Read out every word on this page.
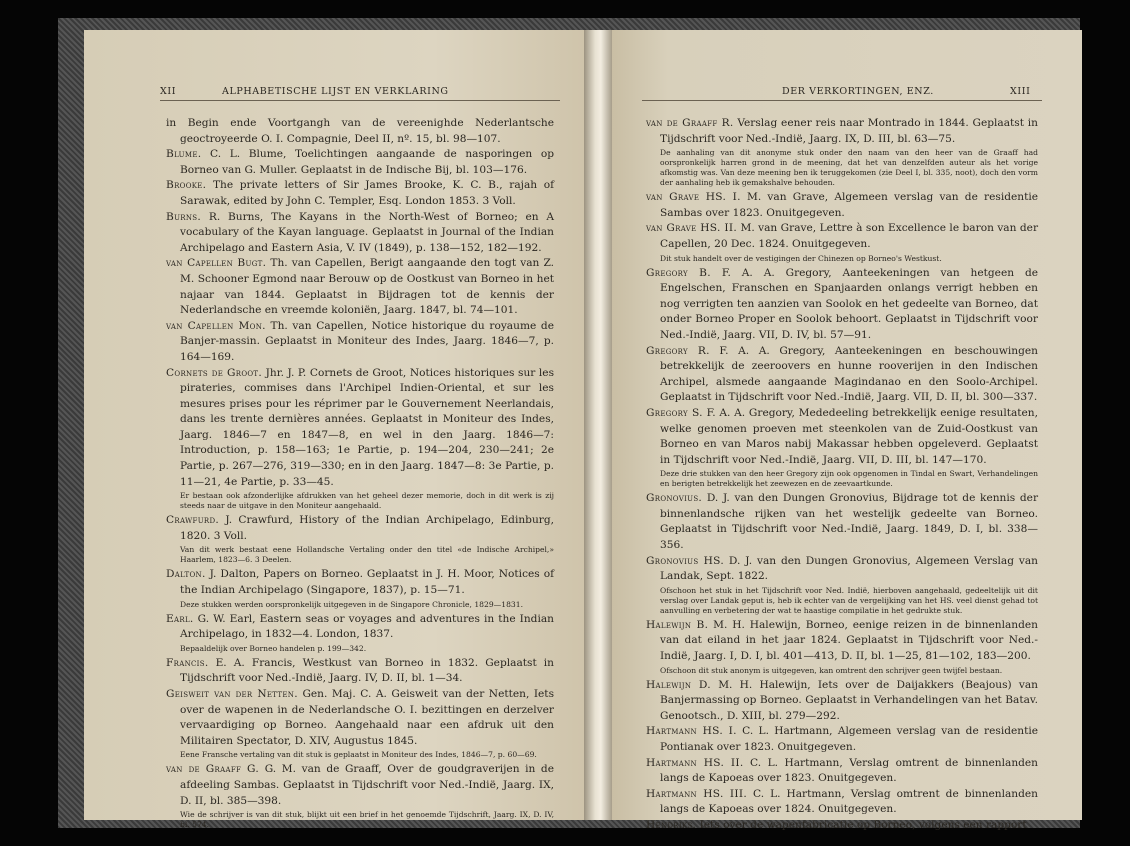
XII	ALPHABETISCHE LIJST EN VERKLARING

in Begin ende Voortgangh van de vereenighde Nederlantsche geoctroyeerde O. I. Compagnie, Deel II, nº. 15, bl. 98—107.

Blume. C. L. Blume, Toelichtingen aangaande de nasporingen op Borneo van G. Muller. Geplaatst in de Indische Bij, bl. 103—176.

Brooke. The private letters of Sir James Brooke, K. C. B., rajah of Sarawak, edited by John C. Templer, Esq. London 1853. 3 Voll.

Burns. R. Burns, The Kayans in the North-West of Borneo; en A vocabulary of the Kayan language. Geplaatst in Journal of the Indian Archipelago and Eastern Asia, V. IV (1849), p. 138—152, 182—192.

van Capellen Bugt. Th. van Capellen, Berigt aangaande den togt van Z. M. Schooner Egmond naar Berouw op de Oostkust van Borneo in het najaar van 1844. Geplaatst in Bijdragen tot de kennis der Nederlandsche en vreemde koloniën, Jaarg. 1847, bl. 74—101.

van Capellen Mon. Th. van Capellen, Notice historique du royaume de Banjer-massin. Geplaatst in Moniteur des Indes, Jaarg. 1846—7, p. 164—169.

Cornets de Groot. Jhr. J. P. Cornets de Groot, Notices historiques sur les pirateries, commises dans l'Archipel Indien-Oriental, et sur les mesures prises pour les réprimer par le Gouvernement Neerlandais, dans les trente dernières années. Geplaatst in Moniteur des Indes, Jaarg. 1846—7 en 1847—8, en wel in den Jaarg. 1846—7: Introduction, p. 158—163; 1e Partie, p. 194—204, 230—241; 2e Partie, p. 267—276, 319—330; en in den Jaarg. 1847—8: 3e Partie, p. 11—21, 4e Partie, p. 33—45.

Er bestaan ook afzonderlijke afdrukken van het geheel dezer memorie, doch in dit werk is zij steeds naar de uitgave in den Moniteur aangehaald.

Crawfurd. J. Crawfurd, History of the Indian Archipelago, Edinburg, 1820. 3 Voll.

Van dit werk bestaat eene Hollandsche Vertaling onder den titel «de Indische Archipel,» Haarlem, 1823—6. 3 Deelen.

Dalton. J. Dalton, Papers on Borneo. Geplaatst in J. H. Moor, Notices of the Indian Archipelago (Singapore, 1837), p. 15—71.

Deze stukken werden oorspronkelijk uitgegeven in de Singapore Chronicle, 1829—1831.

Earl. G. W. Earl, Eastern seas or voyages and adventures in the Indian Archipelago, in 1832—4. London, 1837.

Bepaaldelijk over Borneo handelen p. 199—342.

Francis. E. A. Francis, Westkust van Borneo in 1832. Geplaatst in Tijdschrift voor Ned.-Indië, Jaarg. IV, D. II, bl. 1—34.

Geisweit van der Netten. Gen. Maj. C. A. Geisweit van der Netten, Iets over de wapenen in de Nederlandsche O. I. bezittingen en derzelver vervaardiging op Borneo. Aangehaald naar een afdruk uit den Militairen Spectator, D. XIV, Augustus 1845.

Eene Fransche vertaling van dit stuk is geplaatst in Moniteur des Indes, 1846—7, p. 60—69.

van de Graaff G. G. M. van de Graaff, Over de goudgraverijen in de afdeeling Sambas. Geplaatst in Tijdschrift voor Ned.-Indië, Jaarg. IX, D. II, bl. 385—398.

Wie de schrijver is van dit stuk, blijkt uit een brief in het genoemde Tijdschrift, Jaarg. IX, D. IV, bl. 574.

DER VERKORTINGEN, ENZ.	XIII

van de Graaff R. Verslag eener reis naar Montrado in 1844. Geplaatst in Tijdschrift voor Ned.-Indië, Jaarg. IX, D. III, bl. 63—75.

De aanhaling van dit anonyme stuk onder den naam van den heer van de Graaff had oorspronkelijk harren grond in de meening, dat het van denzelfden auteur als het vorige afkomstig was. Van deze meening ben ik teruggekomen (zie Deel I, bl. 335, noot), doch den vorm der aanhaling heb ik gemakshalve behouden.

van Grave HS. I. M. van Grave, Algemeen verslag van de residentie Sambas over 1823. Onuitgegeven.

van Grave HS. II. M. van Grave, Lettre à son Excellence le baron van der Capellen, 20 Dec. 1824. Onuitgegeven.

Dit stuk handelt over de vestigingen der Chinezen op Borneo's Westkust.

Gregory B. F. A. A. Gregory, Aanteekeningen van hetgeen de Engelschen, Franschen en Spanjaarden onlangs verrigt hebben en nog verrigten ten aanzien van Soolok en het gedeelte van Borneo, dat onder Borneo Proper en Soolok behoort. Geplaatst in Tijdschrift voor Ned.-Indië, Jaarg. VII, D. IV, bl. 57—91.

Gregory R. F. A. A. Gregory, Aanteekeningen en beschouwingen betrekkelijk de zeeroovers en hunne rooverijen in den Indischen Archipel, alsmede aangaande Magindanao en den Soolo-Archipel. Geplaatst in Tijdschrift voor Ned.-Indië, Jaarg. VII, D. II, bl. 300—337.

Gregory S. F. A. A. Gregory, Mededeeling betrekkelijk eenige resultaten, welke genomen proeven met steenkolen van de Zuid-Oostkust van Borneo en van Maros nabij Makassar hebben opgeleverd. Geplaatst in Tijdschrift voor Ned.-Indië, Jaarg. VII, D. III, bl. 147—170.

Deze drie stukken van den heer Gregory zijn ook opgenomen in Tindal en Swart, Verhandelingen en berigten betrekkelijk het zeewezen en de zeevaartkunde.

Gronovius. D. J. van den Dungen Gronovius, Bijdrage tot de kennis der binnenlandsche rijken van het westelijk gedeelte van Borneo. Geplaatst in Tijdschrift voor Ned.-Indië, Jaarg. 1849, D. I, bl. 338—356.

Gronovius HS. D. J. van den Dungen Gronovius, Algemeen Verslag van Landak, Sept. 1822.

Ofschoon het stuk in het Tijdschrift voor Ned. Indië, hierboven aangehaald, gedeeltelijk uit dit verslag over Landak geput is, heb ik echter van de vergelijking van het HS. veel dienst gehad tot aanvulling en verbetering der wat te haastige compilatie in het gedrukte stuk.

Halewijn B. M. H. Halewijn, Borneo, eenige reizen in de binnenlanden van dat eiland in het jaar 1824. Geplaatst in Tijdschrift voor Ned.-Indië, Jaarg. I, D. I, bl. 401—413, D. II, bl. 1—25, 81—102, 183—200.

Ofschoon dit stuk anonym is uitgegeven, kan omtrent den schrijver geen twijfel bestaan.

Halewijn D. M. H. Halewijn, Iets over de Daijakkers (Beajous) van Banjermassing op Borneo. Geplaatst in Verhandelingen van het Batav. Genootsch., D. XIII, bl. 279—292.

Hartmann HS. I. C. L. Hartmann, Algemeen verslag van de residentie Pontianak over 1823. Onuitgegeven.

Hartmann HS. II. C. L. Hartmann, Verslag omtrent de binnenlanden langs de Kapoeas over 1823. Onuitgegeven.

Hartmann HS. III. C. L. Hartmann, Verslag omtrent de binnenlanden langs de Kapoeas over 1824. Onuitgegeven.

Hendriks. Iets over de wapenfabricatie op Borneo, volgens een rapport
